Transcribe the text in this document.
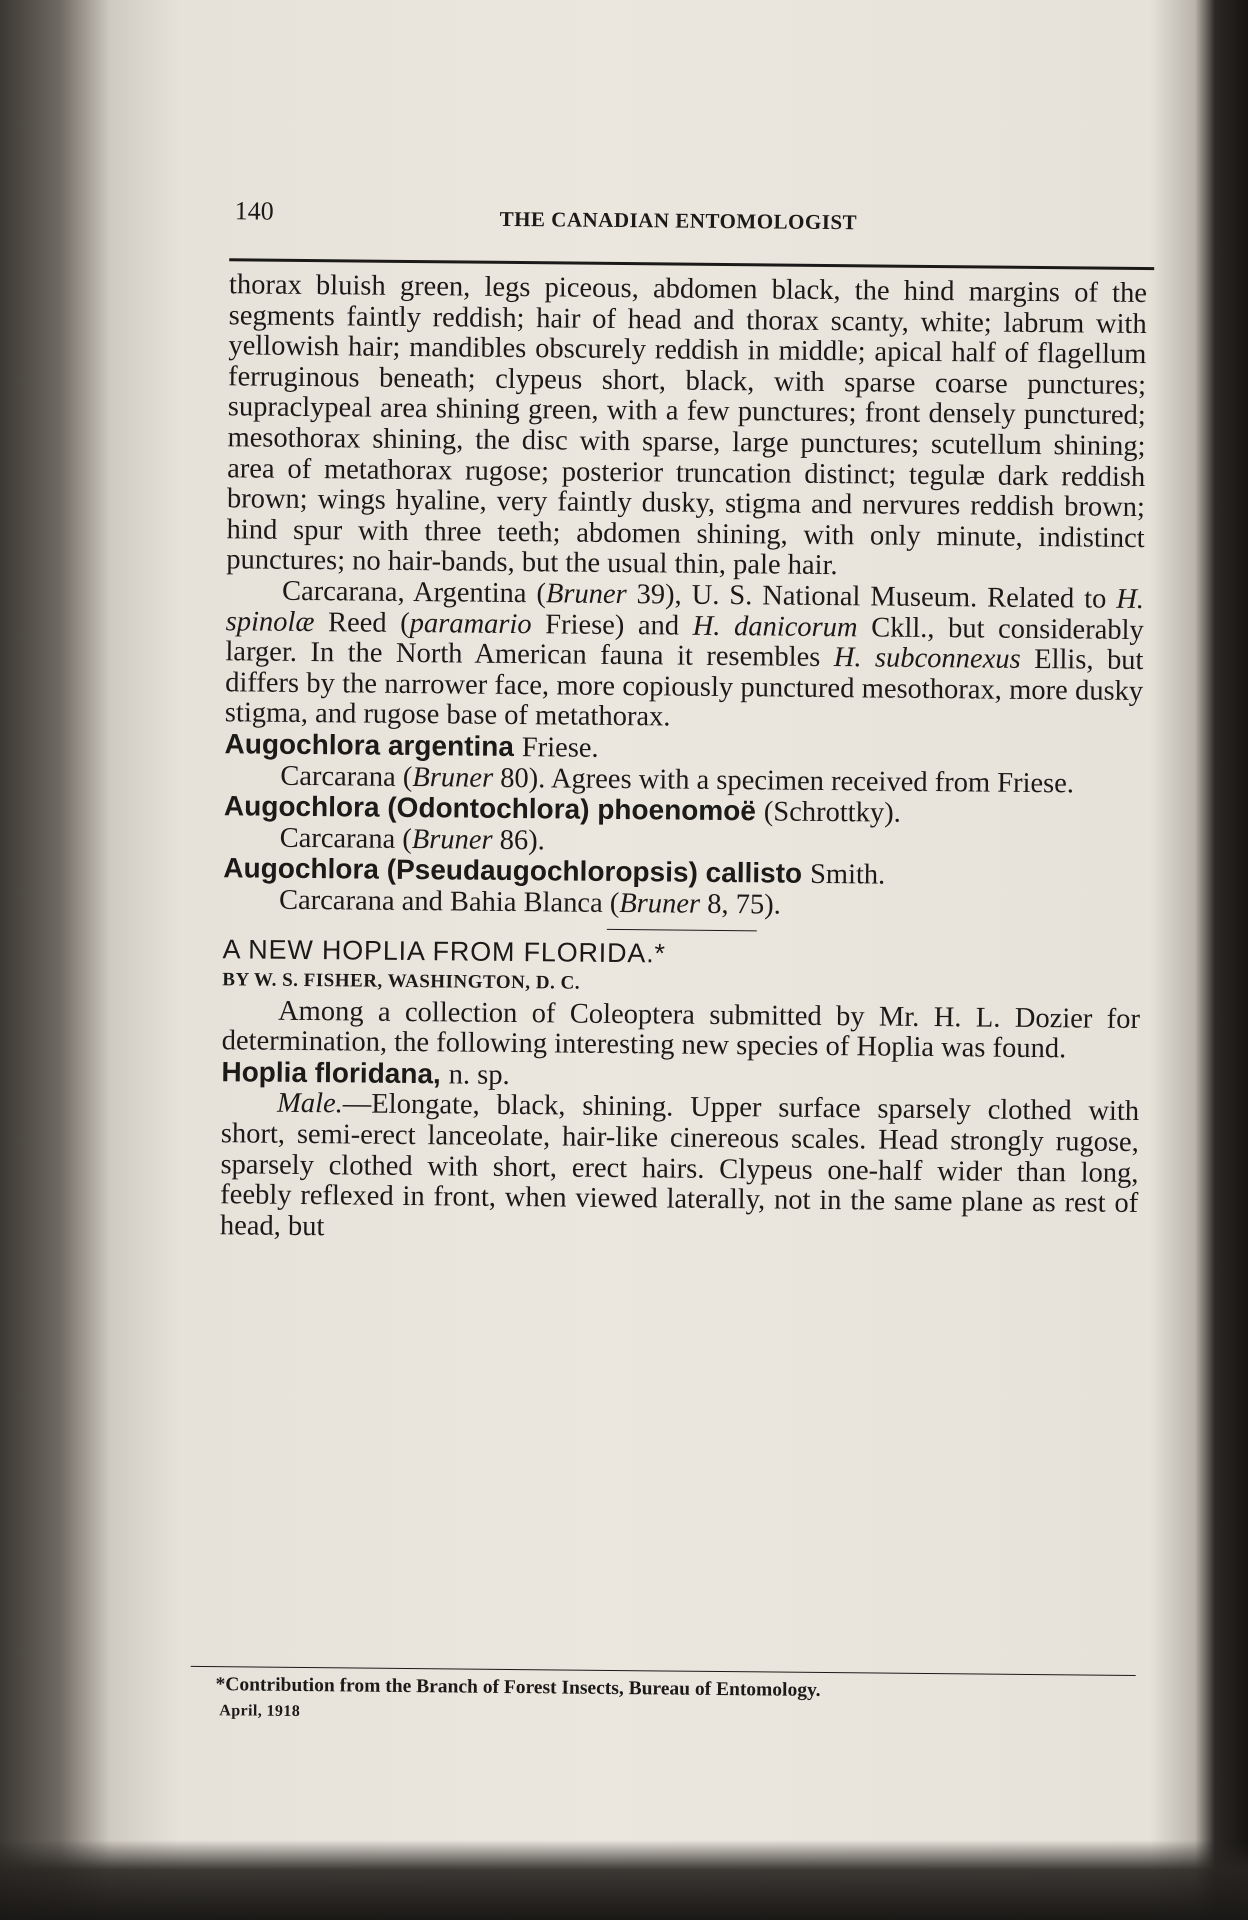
140	THE CANADIAN ENTOMOLOGIST

thorax bluish green, legs piceous, abdomen black, the hind margins of the segments faintly reddish; hair of head and thorax scanty, white; labrum with yellowish hair; mandibles obscurely reddish in middle; apical half of flagellum ferruginous beneath; clypeus short, black, with sparse coarse punctures; supraclypeal area shining green, with a few punctures; front densely punctured; mesothorax shining, the disc with sparse, large punctures; scutellum shining; area of metathorax rugose; posterior truncation distinct; tegulæ dark reddish brown; wings hyaline, very faintly dusky, stigma and nervures reddish brown; hind spur with three teeth; abdomen shining, with only minute, indistinct punctures; no hair-bands, but the usual thin, pale hair.

Carcarana, Argentina (Bruner 39), U. S. National Museum. Related to H. spinolæ Reed (paramario Friese) and H. danicorum Ckll., but considerably larger. In the North American fauna it resembles H. subconnexus Ellis, but differs by the narrower face, more copiously punctured mesothorax, more dusky stigma, and rugose base of metathorax.

Augochlora argentina Friese.

Carcarana (Bruner 80). Agrees with a specimen received from Friese.

Augochlora (Odontochlora) phoenomoë (Schrottky).

Carcarana (Bruner 86).

Augochlora (Pseudaugochloropsis) callisto Smith.

Carcarana and Bahia Blanca (Bruner 8, 75).

A NEW HOPLIA FROM FLORIDA.*

BY W. S. FISHER, WASHINGTON, D. C.

Among a collection of Coleoptera submitted by Mr. H. L. Dozier for determination, the following interesting new species of Hoplia was found.

Hoplia floridana, n. sp.

Male.—Elongate, black, shining. Upper surface sparsely clothed with short, semi-erect lanceolate, hair-like cinereous scales. Head strongly rugose, sparsely clothed with short, erect hairs. Clypeus one-half wider than long, feebly reflexed in front, when viewed laterally, not in the same plane as rest of head, but

*Contribution from the Branch of Forest Insects, Bureau of Entomology.
April, 1918
